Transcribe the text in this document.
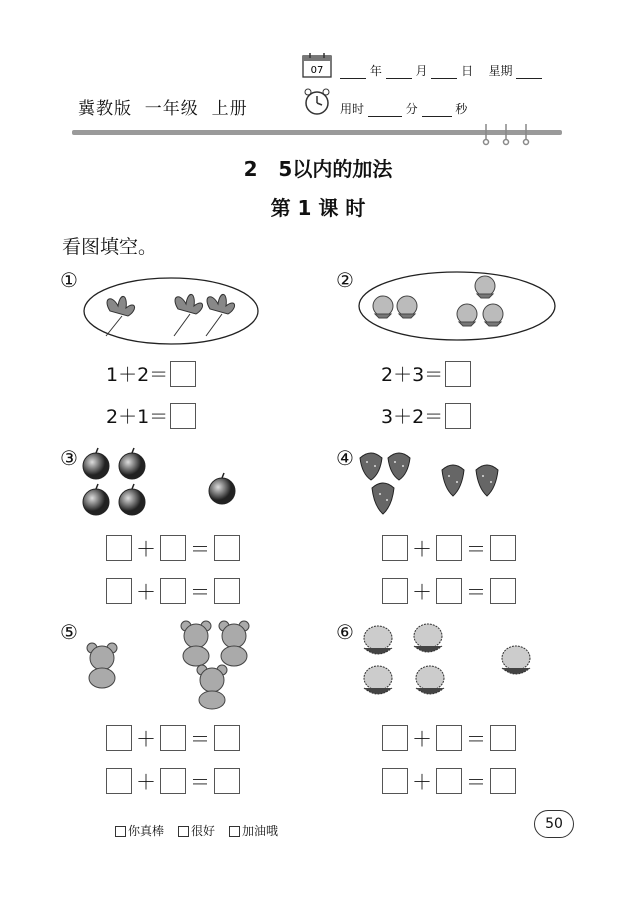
07	年	月	日 星期
冀教版  一年级  上册	用时	分	秒
2   5以内的加法
第 1 课 时
看图填空。
①
1＋2＝
2＋1＝
②
2＋3＝
3＋2＝
③
＋ ＝
＋ ＝
④
＋ ＝
＋ ＝
⑤
＋ ＝
＋ ＝
⑥
＋ ＝
＋ ＝
你真棒	很好	加油哦	50
